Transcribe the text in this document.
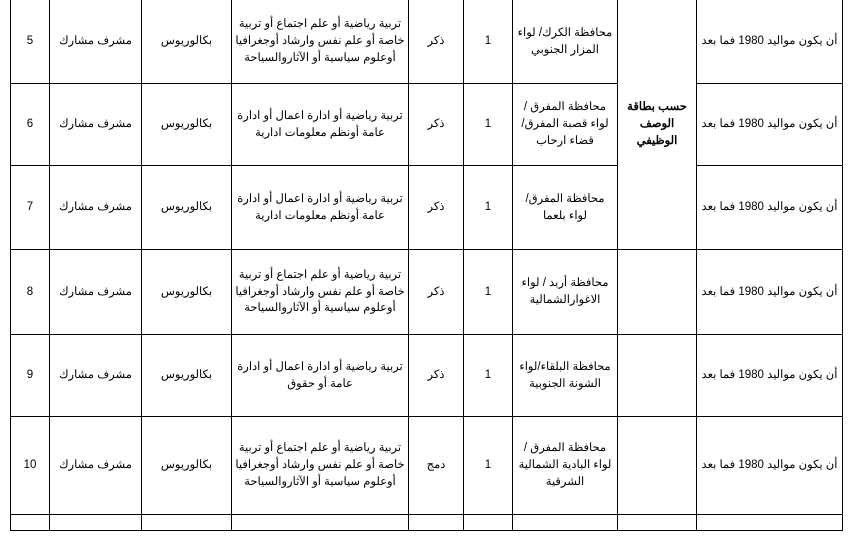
أن يكون مواليد 1980 فما بعد	حسب بطاقة الوصف الوظيفي	محافظة الكرك/ لواء المزار الجنوبي	1	ذكر	تربية رياضية أو علم اجتماع أو تربية خاصة أو علم نفس وارشاد أوجغرافيا أوعلوم سياسية أو الآثاروالسياحة	بكالوريوس	مشرف مشارك	5
أن يكون مواليد 1980 فما بعد		محافظة المفرق /لواء قصبة المفرق/ قضاء ارحاب	1	ذكر	تربية رياضية أو ادارة اعمال أو ادارة عامة أونظم معلومات ادارية	بكالوريوس	مشرف مشارك	6
أن يكون مواليد 1980 فما بعد		محافظة المفرق/ لواء بلعما	1	ذكر	تربية رياضية أو ادارة اعمال أو ادارة عامة أونظم معلومات ادارية	بكالوريوس	مشرف مشارك	7
أن يكون مواليد 1980 فما بعد		محافظة أربد / لواء الاغوارالشمالية	1	ذكر	تربية رياضية أو علم اجتماع أو تربية خاصة أو علم نفس وارشاد أوجغرافيا أوعلوم سياسية أو الآثاروالسياحة	بكالوريوس	مشرف مشارك	8
أن يكون مواليد 1980 فما بعد		محافظة البلقاء/لواء الشونة الجنوبية	1	ذكر	تربية رياضية أو ادارة اعمال أو ادارة عامة أو حقوق	بكالوريوس	مشرف مشارك	9
أن يكون مواليد 1980 فما بعد		محافظة المفرق /لواء البادية الشمالية الشرقية	1	دمج	تربية رياضية أو علم اجتماع أو تربية خاصة أو علم نفس وارشاد أوجغرافيا أوعلوم سياسية أو الآثاروالسياحة	بكالوريوس	مشرف مشارك	10
